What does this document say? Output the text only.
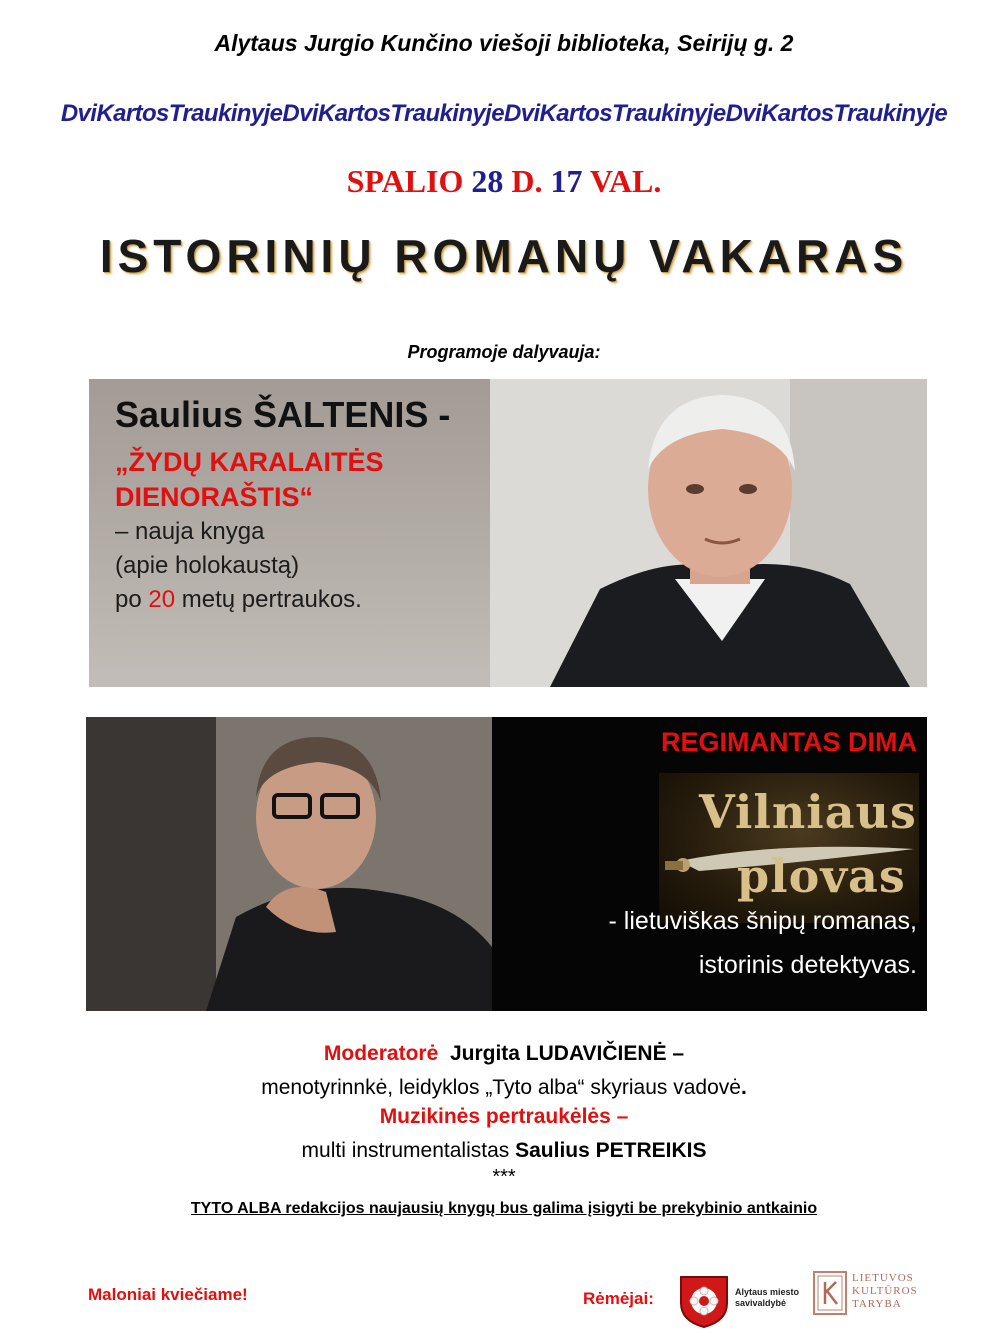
Alytaus Jurgio Kunčino viešoji biblioteka, Seirijų g. 2
DviKartosTraukinyjeDviKartosTraukinyjeDviKartosTraukinyjeDviKartosTraukinyje
SPALIO 28 D. 17 VAL.
ISTORINIŲ ROMANŲ VAKARAS
Programoje dalyvauja:
Saulius ŠALTENIS -
„ŽYDŲ KARALAITĖS
DIENORAŠTIS“
– nauja knyga
(apie holokaustą)
po 20 metų pertraukos.
REGIMANTAS DIMA
Vilniaus
plovas
- lietuviškas šnipų romanas,
istorinis detektyvas.
Moderatorė Jurgita LUDAVIČIENĖ –
menotyrinnkė, leidyklos „Tyto alba“ skyriaus vadovė.
Muzikinės pertraukėlės –
multi instrumentalistas Saulius PETREIKIS
***
TYTO ALBA redakcijos naujausių knygų bus galima įsigyti be prekybinio antkainio
Maloniai kviečiame!	Rėmėjai:	Alytaus miesto savivaldybė
LIETUVOS KULTŪROS TARYBA
